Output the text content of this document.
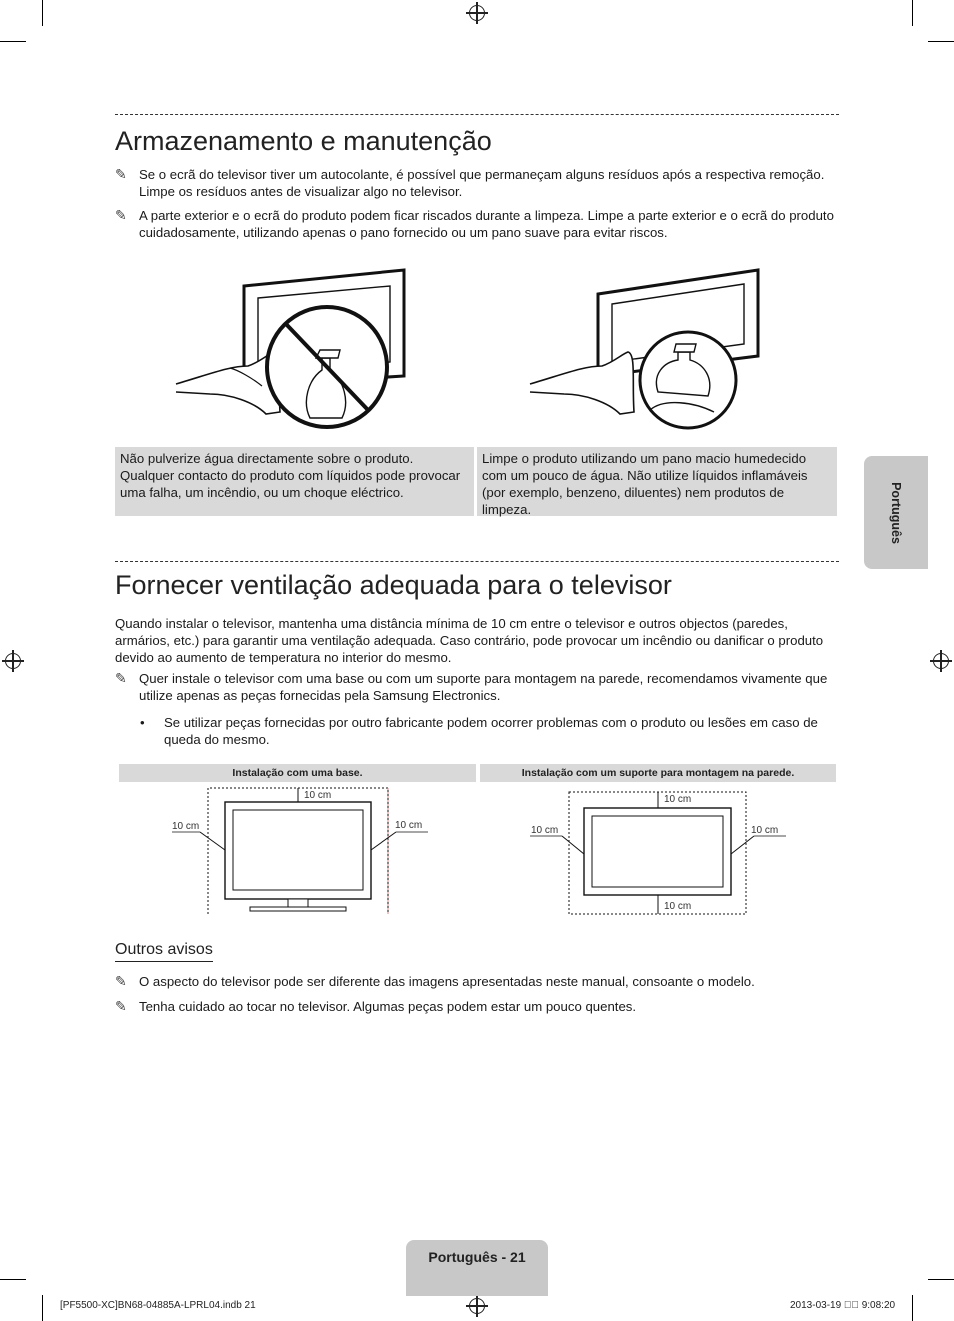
Armazenamento e manutenção
✎ Se o ecrã do televisor tiver um autocolante, é possível que permaneçam alguns resíduos após a respectiva remoção. Limpe os resíduos antes de visualizar algo no televisor.
✎ A parte exterior e o ecrã do produto podem ficar riscados durante a limpeza. Limpe a parte exterior e o ecrã do produto cuidadosamente, utilizando apenas o pano fornecido ou um pano suave para evitar riscos.
Não pulverize água directamente sobre o produto. Qualquer contacto do produto com líquidos pode provocar uma falha, um incêndio, ou um choque eléctrico.
Limpe o produto utilizando um pano macio humedecido com um pouco de água. Não utilize líquidos inflamáveis (por exemplo, benzeno, diluentes) nem produtos de limpeza.
Fornecer ventilação adequada para o televisor
Quando instalar o televisor, mantenha uma distância mínima de 10 cm entre o televisor e outros objectos (paredes, armários, etc.) para garantir uma ventilação adequada. Caso contrário, pode provocar um incêndio ou danificar o produto devido ao aumento de temperatura no interior do mesmo.
✎ Quer instale o televisor com uma base ou com um suporte para montagem na parede, recomendamos vivamente que utilize apenas as peças fornecidas pela Samsung Electronics.
• Se utilizar peças fornecidas por outro fabricante podem ocorrer problemas com o produto ou lesões em caso de queda do mesmo.
Instalação com uma base.	Instalação com um suporte para montagem na parede.
10 cm
10 cm	10 cm
10 cm
10 cm	10 cm
10 cm
Outros avisos
✎ O aspecto do televisor pode ser diferente das imagens apresentadas neste manual, consoante o modelo.
✎ Tenha cuidado ao tocar no televisor. Algumas peças podem estar um pouco quentes.
Português
Português - 21
[PF5500-XC]BN68-04885A-LPRL04.indb 21	2013-03-19 ￿￿ 9:08:20
